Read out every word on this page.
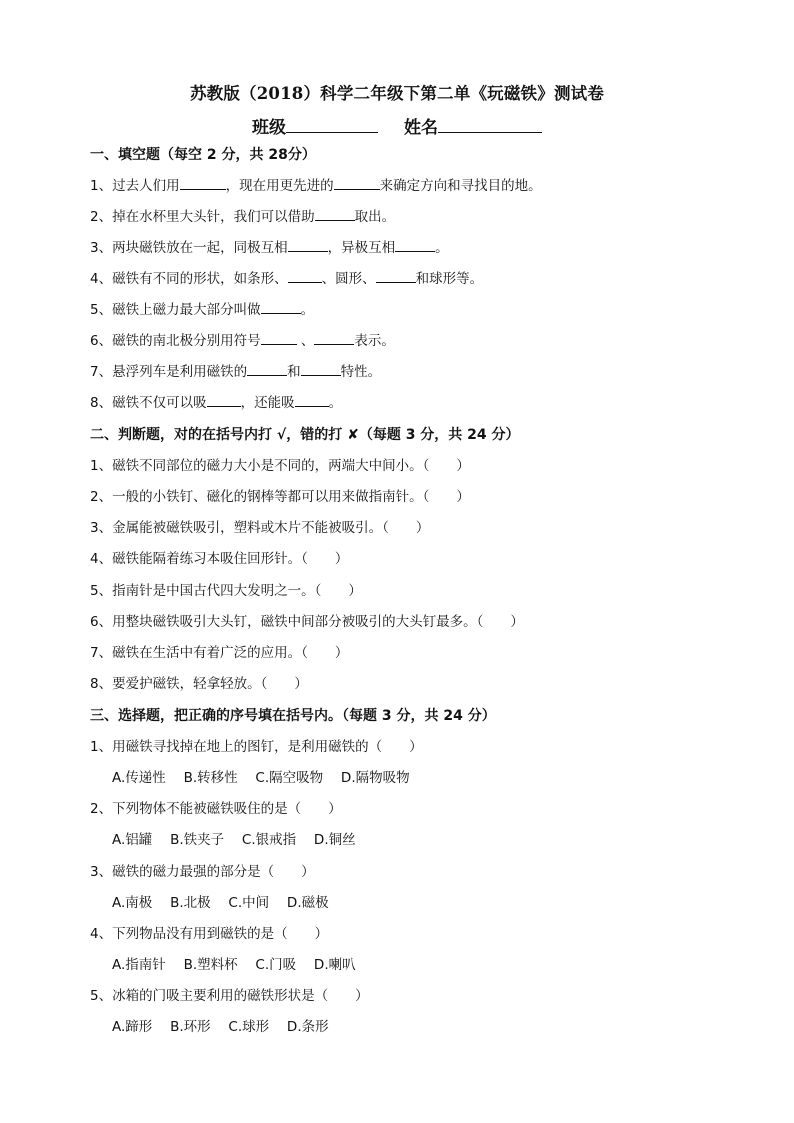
苏教版（2018）科学二年级下第二单《玩磁铁》测试卷
班级	姓名
一、填空题（每空 2 分，共 28分）
1、过去人们用	，现在用更先进的	来确定方向和寻找目的地。
2、掉在水杯里大头针，我们可以借助	取出。
3、两块磁铁放在一起，同极互相	，异极互相	。
4、磁铁有不同的形状，如条形、	、圆形、	和球形等。
5、磁铁上磁力最大部分叫做	。
6、磁铁的南北极分别用符号	、	表示。
7、悬浮列车是利用磁铁的	和	特性。
8、磁铁不仅可以吸	，还能吸	。
二、判断题，对的在括号内打 √，错的打 ✘（每题 3 分，共 24 分）
1、磁铁不同部位的磁力大小是不同的，两端大中间小。（　　）
2、一般的小铁钉、磁化的钢棒等都可以用来做指南针。（　　）
3、金属能被磁铁吸引，塑料或木片不能被吸引。（　　）
4、磁铁能隔着练习本吸住回形针。（　　）
5、指南针是中国古代四大发明之一。（　　）
6、用整块磁铁吸引大头钉，磁铁中间部分被吸引的大头钉最多。（　　）
7、磁铁在生活中有着广泛的应用。（　　）
8、要爱护磁铁，轻拿轻放。（　　）
三、选择题，把正确的序号填在括号内。（每题 3 分，共 24 分）
1、用磁铁寻找掉在地上的图钉，是利用磁铁的（　　）
A.传递性　 B.转移性　 C.隔空吸物　 D.隔物吸物
2、下列物体不能被磁铁吸住的是（　　）
A.铝罐　 B.铁夹子　 C.银戒指　 D.铜丝
3、磁铁的磁力最强的部分是（　　）
A.南极　 B.北极　 C.中间　 D.磁极
4、下列物品没有用到磁铁的是（　　）
A.指南针　 B.塑料杯　 C.门吸　 D.喇叭
5、冰箱的门吸主要利用的磁铁形状是（　　）
A.蹄形　 B.环形　 C.球形　 D.条形
